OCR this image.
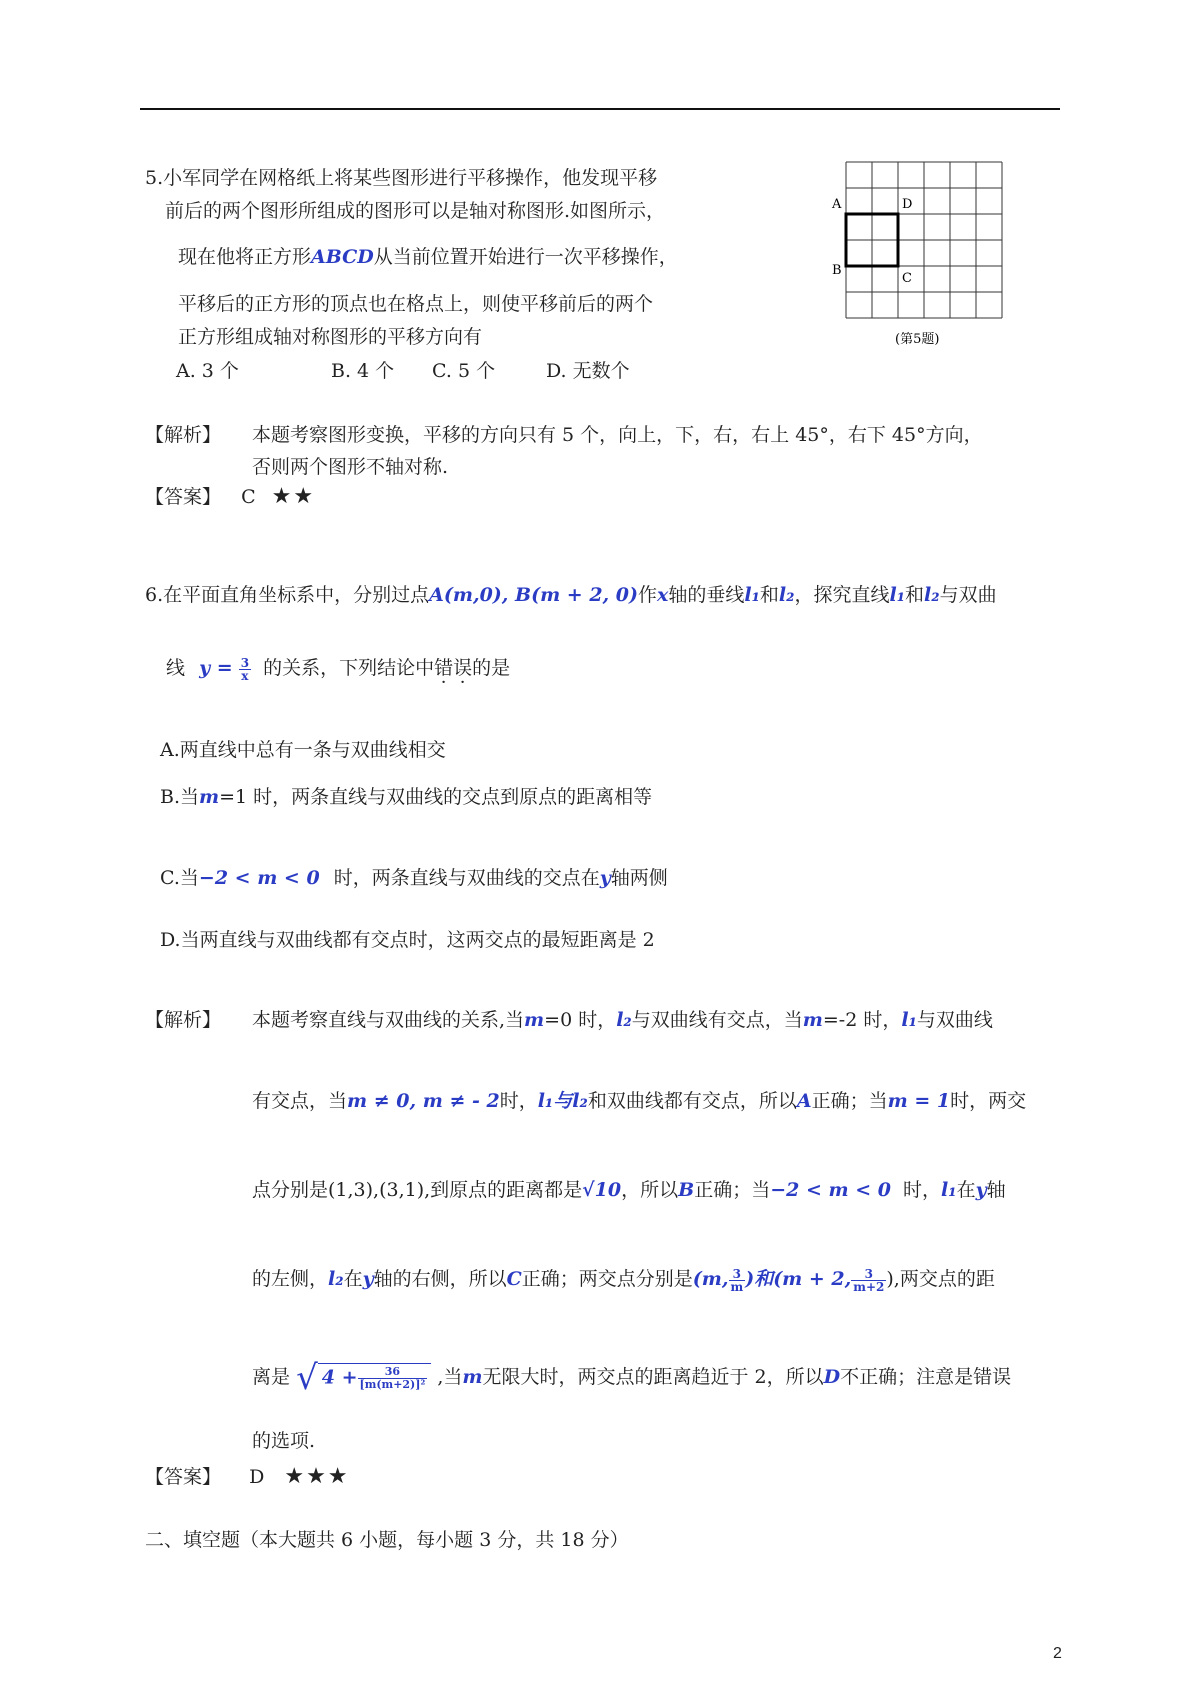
5.小军同学在网格纸上将某些图形进行平移操作，他发现平移
前后的两个图形所组成的图形可以是轴对称图形.如图所示，
现在他将正方形ABCD从当前位置开始进行一次平移操作，
平移后的正方形的顶点也在格点上，则使平移前后的两个
正方形组成轴对称图形的平移方向有
A. 3 个	B. 4 个 C. 5 个	D. 无数个
A	D
B
C
(第5题)
【解析】 本题考察图形变换，平移的方向只有 5 个，向上，下，右，右上 45°，右下 45°方向，
否则两个图形不轴对称.
【答案】 C ★★
6.在平面直角坐标系中，分别过点A(m,0), B(m + 2, 0)作x轴的垂线l₁和l₂，探究直线l₁和l₂与双曲
线 $y = \frac{3}{x}$ 的关系，下列结论中错误的是
A.两直线中总有一条与双曲线相交
B.当m=1 时，两条直线与双曲线的交点到原点的距离相等
C.当−2 < m < 0 时，两条直线与双曲线的交点在y轴两侧
D.当两直线与双曲线都有交点时，这两交点的最短距离是 2
【解析】 本题考察直线与双曲线的关系,当m=0 时，l₂与双曲线有交点，当m=-2 时，l₁与双曲线
有交点，当m ≠ 0, m ≠ - 2时，l₁与l₂和双曲线都有交点，所以A正确；当m = 1时，两交
点分别是(1,3),(3,1),到原点的距离都是√10，所以B正确；当−2 < m < 0 时，l₁在y轴
的左侧，l₂在y轴的右侧，所以C正确；两交点分别是(m, $\frac{3}{m}$ )和(m + 2, $\frac{3}{m+2}$ ),两交点的距
离是 √ $4 + \frac{36}{\text{[m(m+2)]²}}$ ,当m无限大时，两交点的距离趋近于 2，所以D不正确；注意是错误
的选项.
【答案】 D ★★★
二、填空题（本大题共 6 小题，每小题 3 分，共 18 分）
2
